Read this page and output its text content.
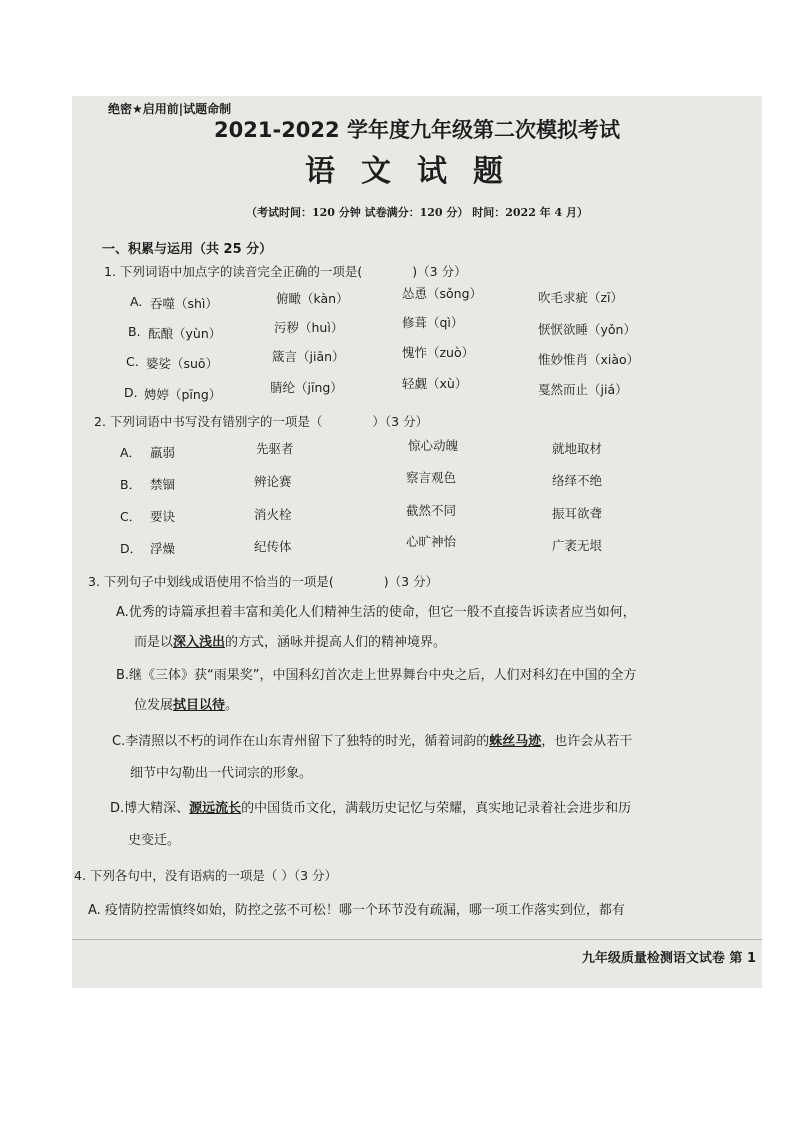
绝密★启用前|试题命制
2021-2022 学年度九年级第二次模拟考试
语文试题
（考试时间：120 分钟 试卷满分：120 分） 时间：2022 年 4 月）
一、积累与运用（共 25 分）
1. 下列词语中加点字的读音完全正确的一项是(　　　　)（3 分）
A. 吞噬（shì）	俯瞰（kàn）	怂恿（sǒng）	吹毛求疵（zī）
B. 酝酿（yùn）	污秽（huì）	修葺（qì）	恹恹欲睡（yǒn）
C. 婆娑（suō）	箴言（jiān）	愧怍（zuò）	惟妙惟肖（xiào）
D. 娉婷（pīng）	腈纶（jīng）	轻觑（xù）	戛然而止（jiá）
2. 下列词语中书写没有错别字的一项是（　　　　）（3 分）
A． 羸弱	先驱者	惊心动魄	就地取材
B． 禁锢	辨论赛	察言观色	络绎不绝
C． 要诀	消火栓	截然不同	振耳欲聋
D． 浮燥	纪传体	心旷神怡	广袤无垠
3. 下列句子中划线成语使用不恰当的一项是(　　　　)（3 分）
A.优秀的诗篇承担着丰富和美化人们精神生活的使命，但它一般不直接告诉读者应当如何，
而是以深入浅出的方式，涵咏并提高人们的精神境界。
B.继《三体》获“雨果奖”，中国科幻首次走上世界舞台中央之后，人们对科幻在中国的全方
位发展拭目以待。
C.李清照以不朽的词作在山东青州留下了独特的时光，循着词韵的蛛丝马迹，也许会从若干
细节中勾勒出一代词宗的形象。
D.博大精深、源远流长的中国货币文化，满载历史记忆与荣耀，真实地记录着社会进步和历
史变迁。
4. 下列各句中，没有语病的一项是（ ）（3 分）
A. 疫情防控需慎终如始，防控之弦不可松！哪一个环节没有疏漏，哪一项工作落实到位，都有
九年级质量检测语文试卷 第 1
